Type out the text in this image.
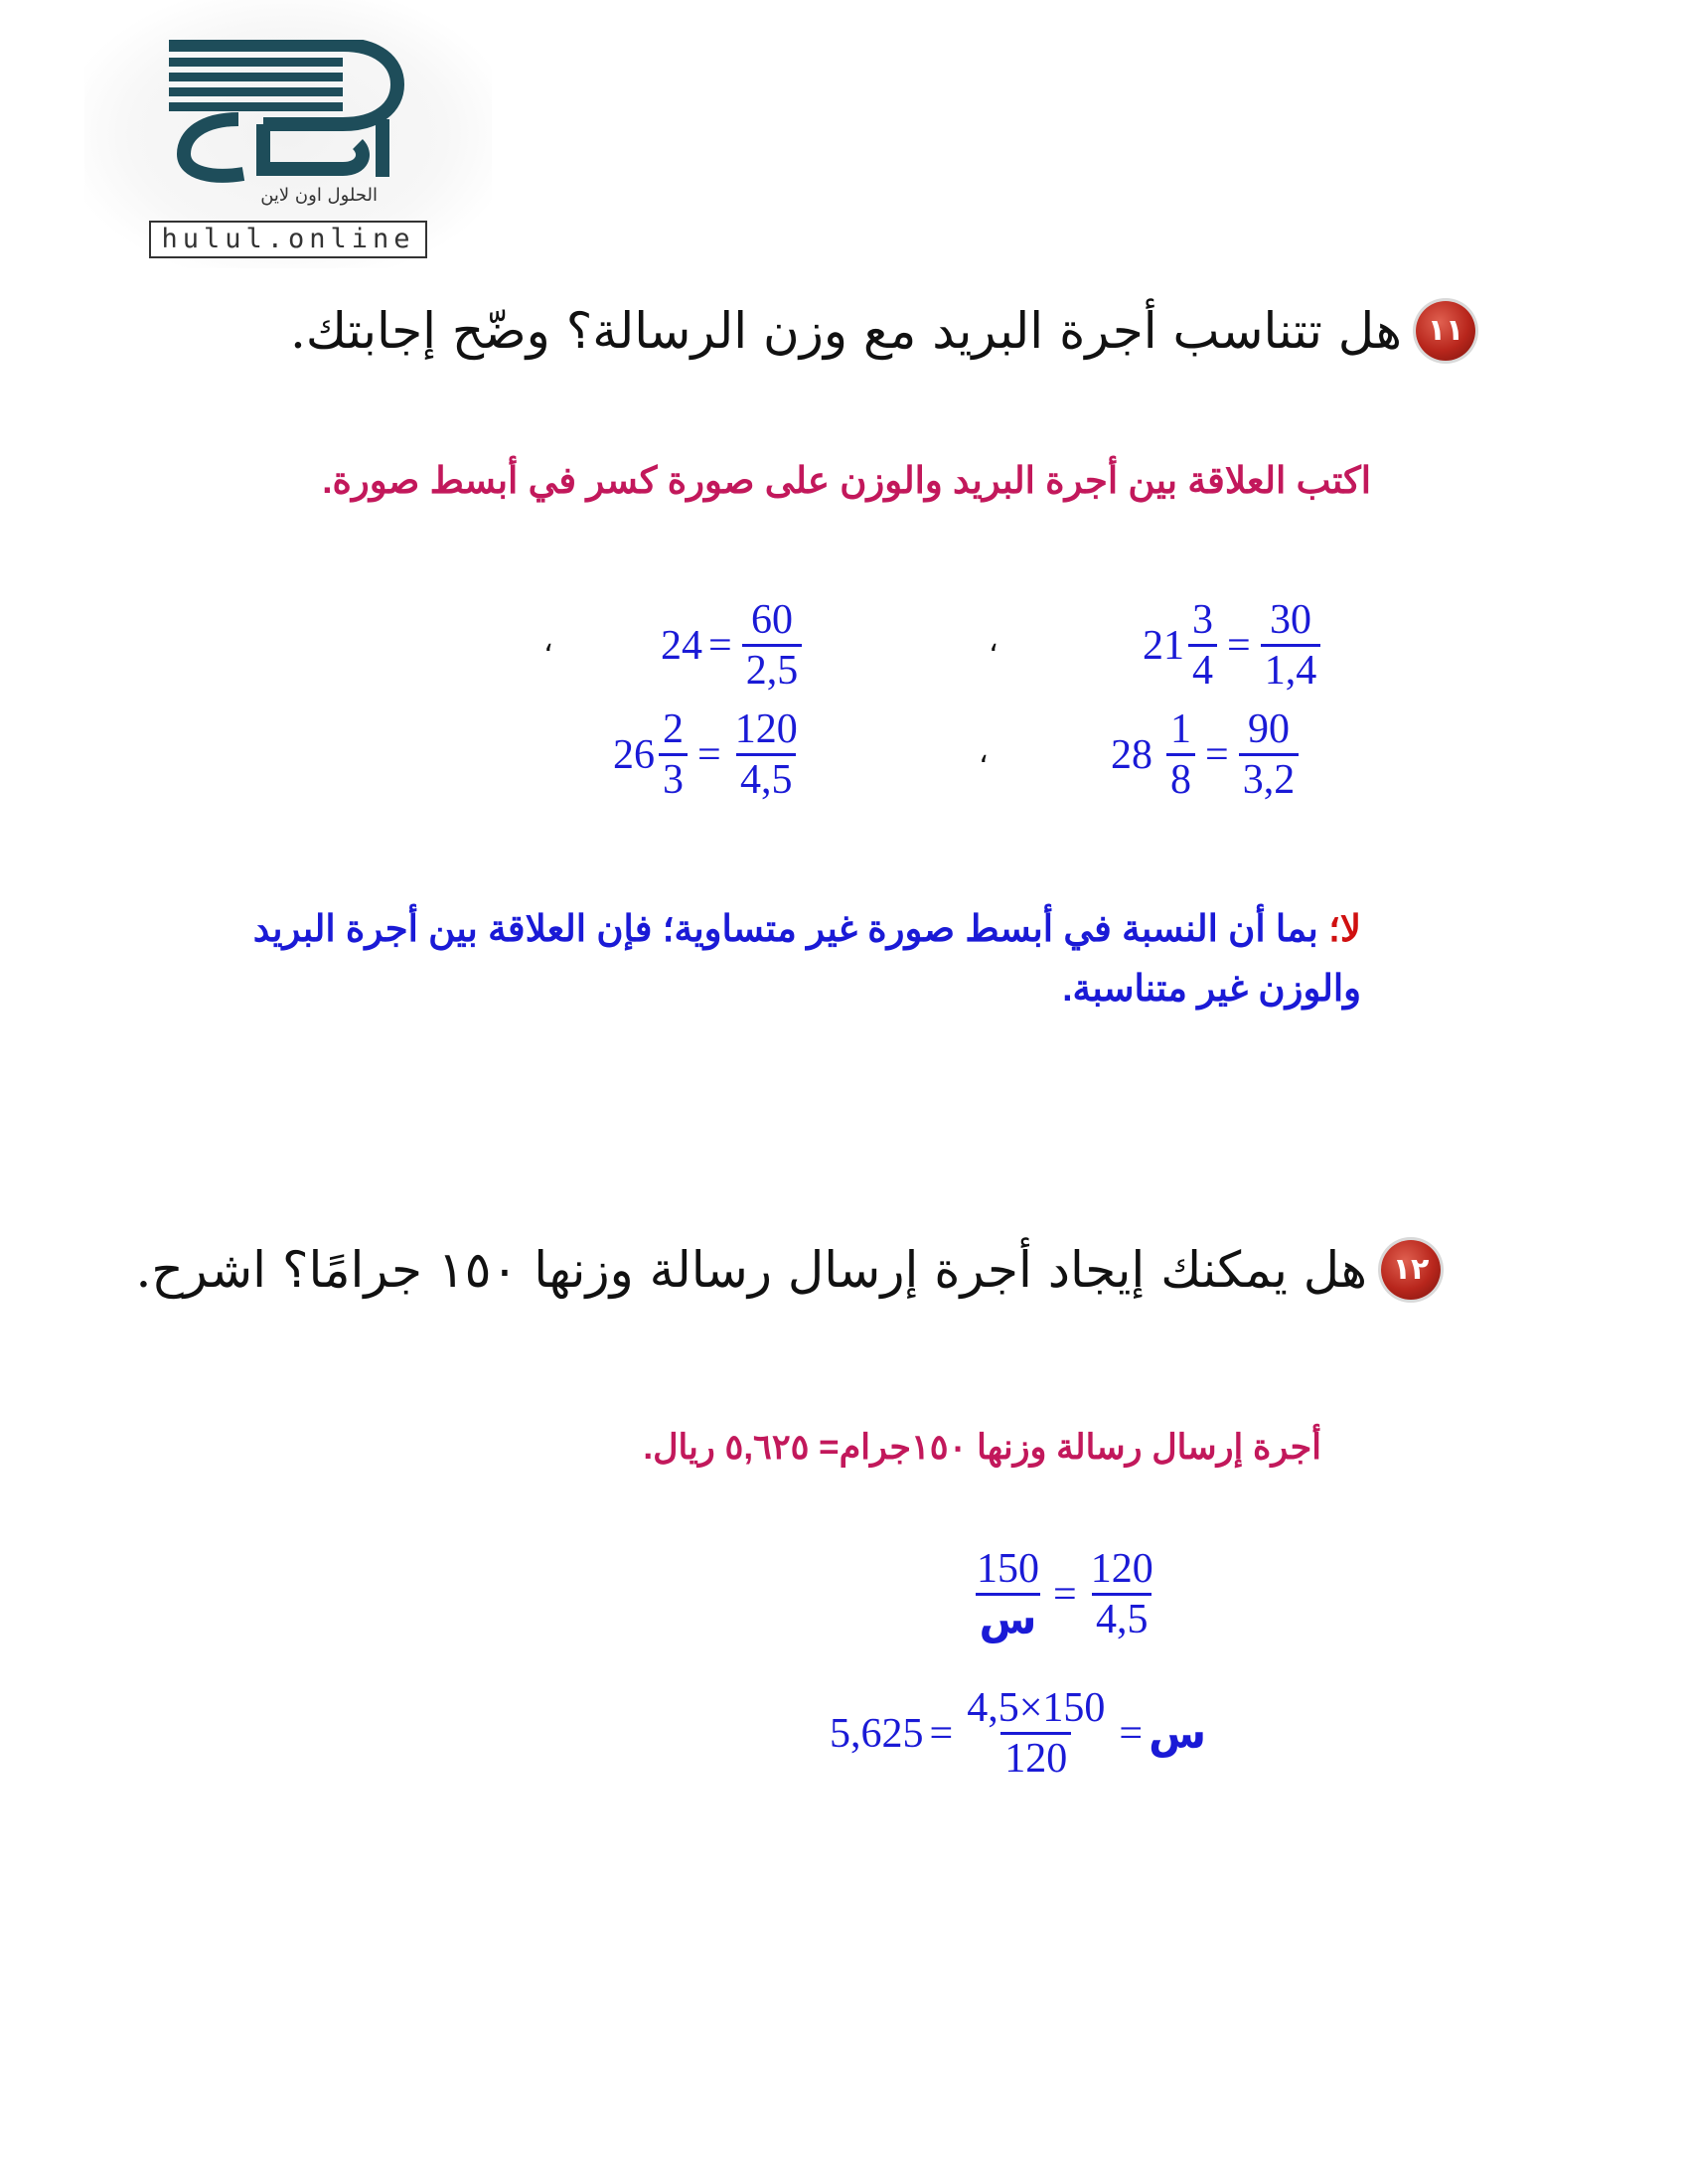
الحلول اون لاين
hulul.online
١١هل تتناسب أجرة البريد مع وزن الرسالة؟ وضّح إجابتك.
اكتب العلاقة بين أجرة البريد والوزن على صورة كسر في أبسط صورة.
$21 \frac{3}{4} = \frac{30}{1,4}$
،
$24 = \frac{60}{2,5}$
،
$28 \frac{1}{8} = \frac{90}{3,2}$
،
$26 \frac{2}{3} = \frac{120}{4,5}$
لا؛ بما أن النسبة في أبسط صورة غير متساوية؛ فإن العلاقة بين أجرة البريد والوزن غير متناسبة.
١٢هل يمكنك إيجاد أجرة إرسال رسالة وزنها ١٥٠ جرامًا؟ اشرح.
أجرة إرسال رسالة وزنها ١٥٠جرام= ٥,٦٢٥ ريال.
$\frac{150}{\text{س}} = \frac{120}{4,5}$
$5,625 = \frac{4,5\times 150}{120}$ = س
